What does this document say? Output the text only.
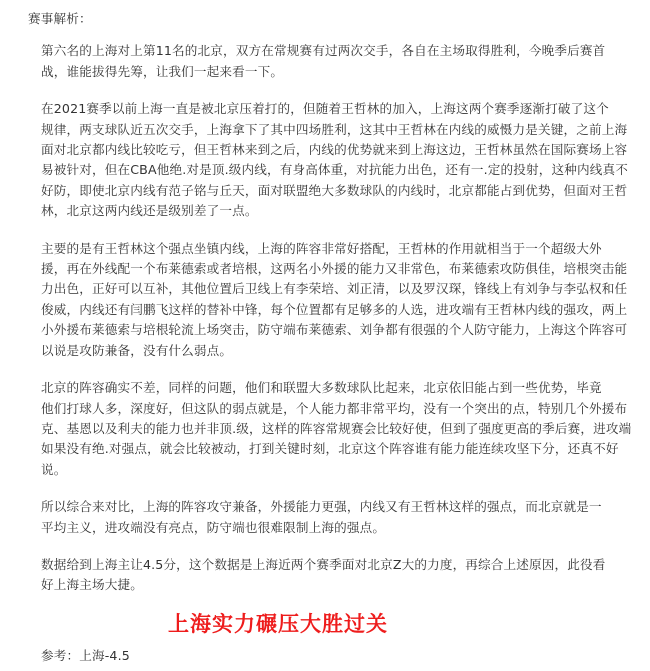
赛事解析：
第六名的上海对上第11名的北京，双方在常规赛有过两次交手，各自在主场取得胜利，今晚季后赛首
战，谁能拔得先筹，让我们一起来看一下。
在2021赛季以前上海一直是被北京压着打的，但随着王哲林的加入，上海这两个赛季逐渐打破了这个
规律，两支球队近五次交手，上海拿下了其中四场胜利，这其中王哲林在内线的威慑力是关键，之前上海
面对北京都内线比较吃亏，但王哲林来到之后，内线的优势就来到上海这边，王哲林虽然在国际赛场上容
易被针对，但在CBA他绝.对是顶.级内线，有身高体重，对抗能力出色，还有一.定的投射，这种内线真不
好防，即使北京内线有范子铭与丘天，面对联盟绝大多数球队的内线时，北京都能占到优势，但面对王哲
林，北京这两内线还是级别差了一点。
主要的是有王哲林这个强点坐镇内线，上海的阵容非常好搭配，王哲林的作用就相当于一个超级大外
援，再在外线配一个布莱德索或者培根，这两名小外援的能力又非常色，布莱德索攻防俱佳，培根突击能
力出色，正好可以互补，其他位置后卫线上有李荣培、刘正清，以及罗汉琛，锋线上有刘争与李弘权和任
俊威，内线还有闫鹏飞这样的替补中锋，每个位置都有足够多的人选，进攻端有王哲林内线的强攻，两上
小外援布莱德索与培根轮流上场突击，防守端布莱德索、刘争都有很强的个人防守能力，上海这个阵容可
以说是攻防兼备，没有什么弱点。
北京的阵容确实不差，同样的问题，他们和联盟大多数球队比起来，北京依旧能占到一些优势，毕竟
他们打球人多，深度好，但这队的弱点就是，个人能力都非常平均，没有一个突出的点，特别几个外援布
克、基恩以及利夫的能力也并非顶.级，这样的阵容常规赛会比较好使，但到了强度更高的季后赛，进攻端
如果没有绝.对强点，就会比较被动，打到关键时刻，北京这个阵容谁有能力能连续攻坚下分，还真不好
说。
所以综合来对比，上海的阵容攻守兼备，外援能力更强，内线又有王哲林这样的强点，而北京就是一
平均主义，进攻端没有亮点，防守端也很难限制上海的强点。
数据给到上海主让4.5分，这个数据是上海近两个赛季面对北京Z大的力度，再综合上述原因，此役看
好上海主场大捷。
上海实力碾压大胜过关
参考：上海-4.5
